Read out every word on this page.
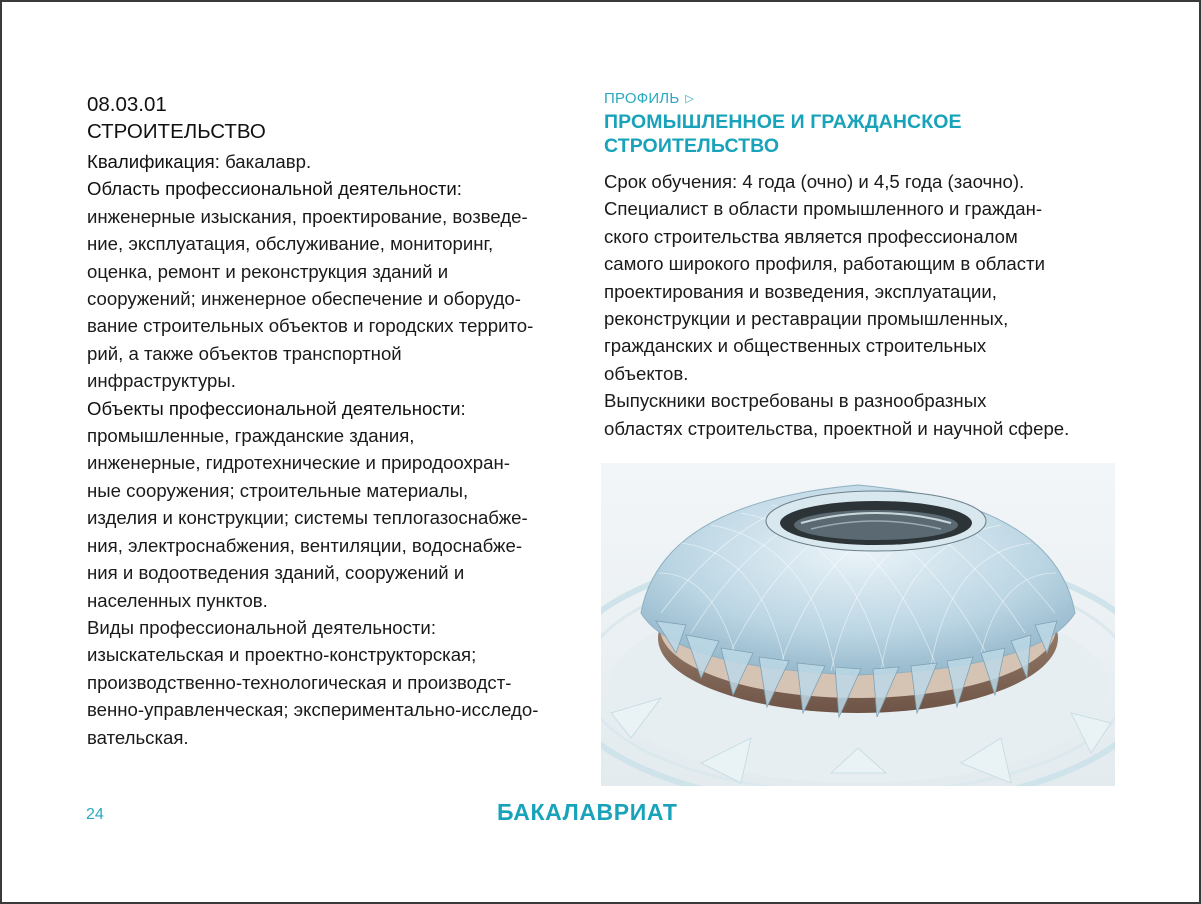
08.03.01
СТРОИТЕЛЬСТВО
Квалификация: бакалавр.
Область профессиональной деятельности:
инженерные изыскания, проектирование, возведе-
ние, эксплуатация, обслуживание, мониторинг,
оценка, ремонт и реконструкция зданий и
сооружений; инженерное обеспечение и оборудо-
вание строительных объектов и городских террито-
рий, а также объектов транспортной
инфраструктуры.
Объекты профессиональной деятельности:
промышленные, гражданские здания,
инженерные, гидротехнические и природоохран-
ные сооружения; строительные материалы,
изделия и конструкции; системы теплогазоснабже-
ния, электроснабжения, вентиляции, водоснабже-
ния и водоотведения зданий, сооружений и
населенных пунктов.
Виды профессиональной деятельности:
изыскательская и проектно-конструкторская;
производственно-технологическая и производст-
венно-управленческая; экспериментально-исследо-
вательская.
ПРОФИЛЬ ▷
ПРОМЫШЛЕННОЕ И ГРАЖДАНСКОЕ
СТРОИТЕЛЬСТВО
Срок обучения: 4 года (очно) и 4,5 года (заочно).
Специалист в области промышленного и граждан-
ского строительства является профессионалом
самого широкого профиля, работающим в области
проектирования и возведения, эксплуатации,
реконструкции и реставрации промышленных,
гражданских и общественных строительных
объектов.
Выпускники востребованы в разнообразных
областях строительства, проектной и научной сфере.
24	БАКАЛАВРИАТ
